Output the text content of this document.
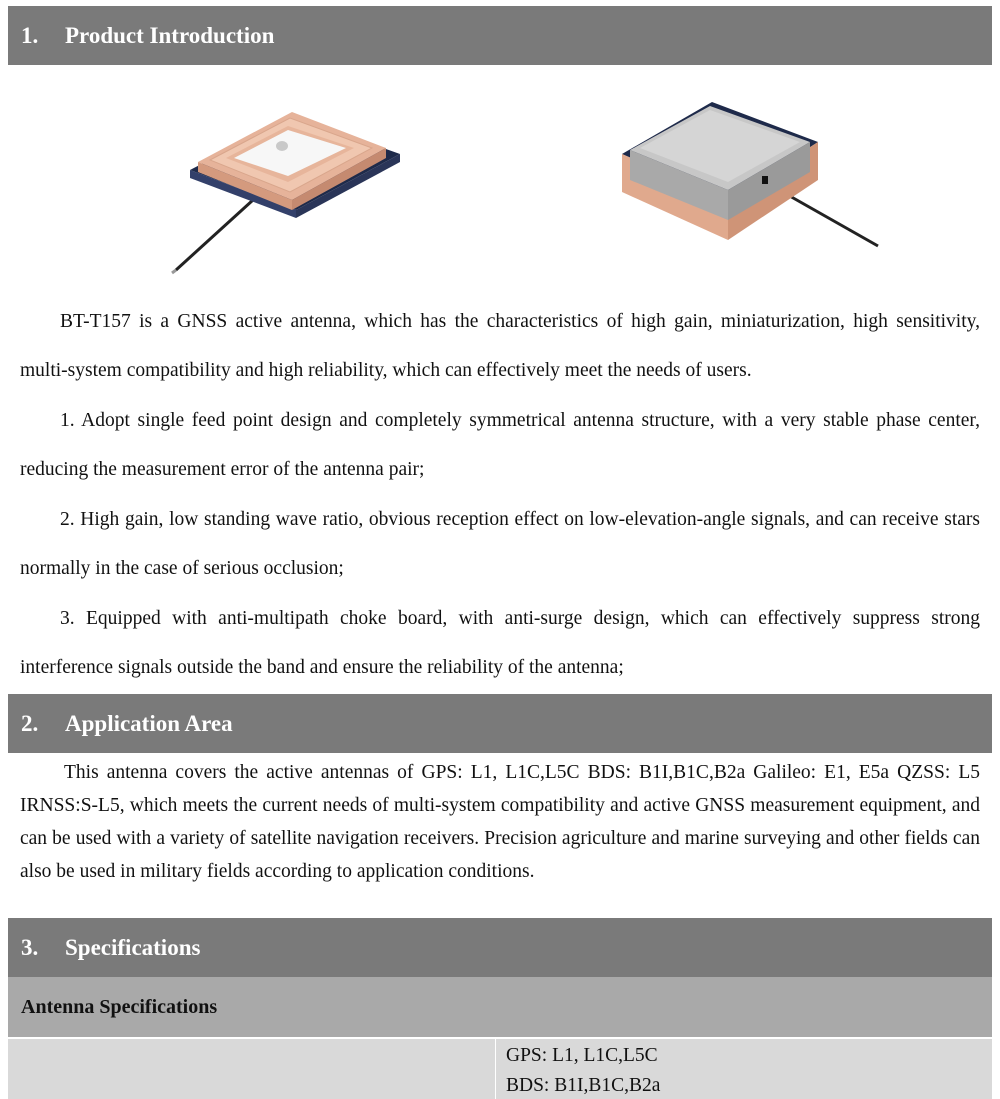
1.	Product Introduction

BT-T157 is a GNSS active antenna, which has the characteristics of high gain, miniaturization, high sensitivity, multi-system compatibility and high reliability, which can effectively meet the needs of users.

1. Adopt single feed point design and completely symmetrical antenna structure, with a very stable phase center, reducing the measurement error of the antenna pair;

2. High gain, low standing wave ratio, obvious reception effect on low-elevation-angle signals, and can receive stars normally in the case of serious occlusion;

3. Equipped with anti-multipath choke board, with anti-surge design, which can effectively suppress strong interference signals outside the band and ensure the reliability of the antenna;

2.	Application Area

This antenna covers the active antennas of GPS: L1, L1C,L5C BDS: B1I,B1C,B2a Galileo: E1, E5a QZSS: L5 IRNSS:S-L5, which meets the current needs of multi-system compatibility and active GNSS measurement equipment, and can be used with a variety of satellite navigation receivers. Precision agriculture and marine surveying and other fields can also be used in military fields according to application conditions.

3.	Specifications
Antenna Specifications
GPS: L1, L1C,L5C
BDS: B1I,B1C,B2a
